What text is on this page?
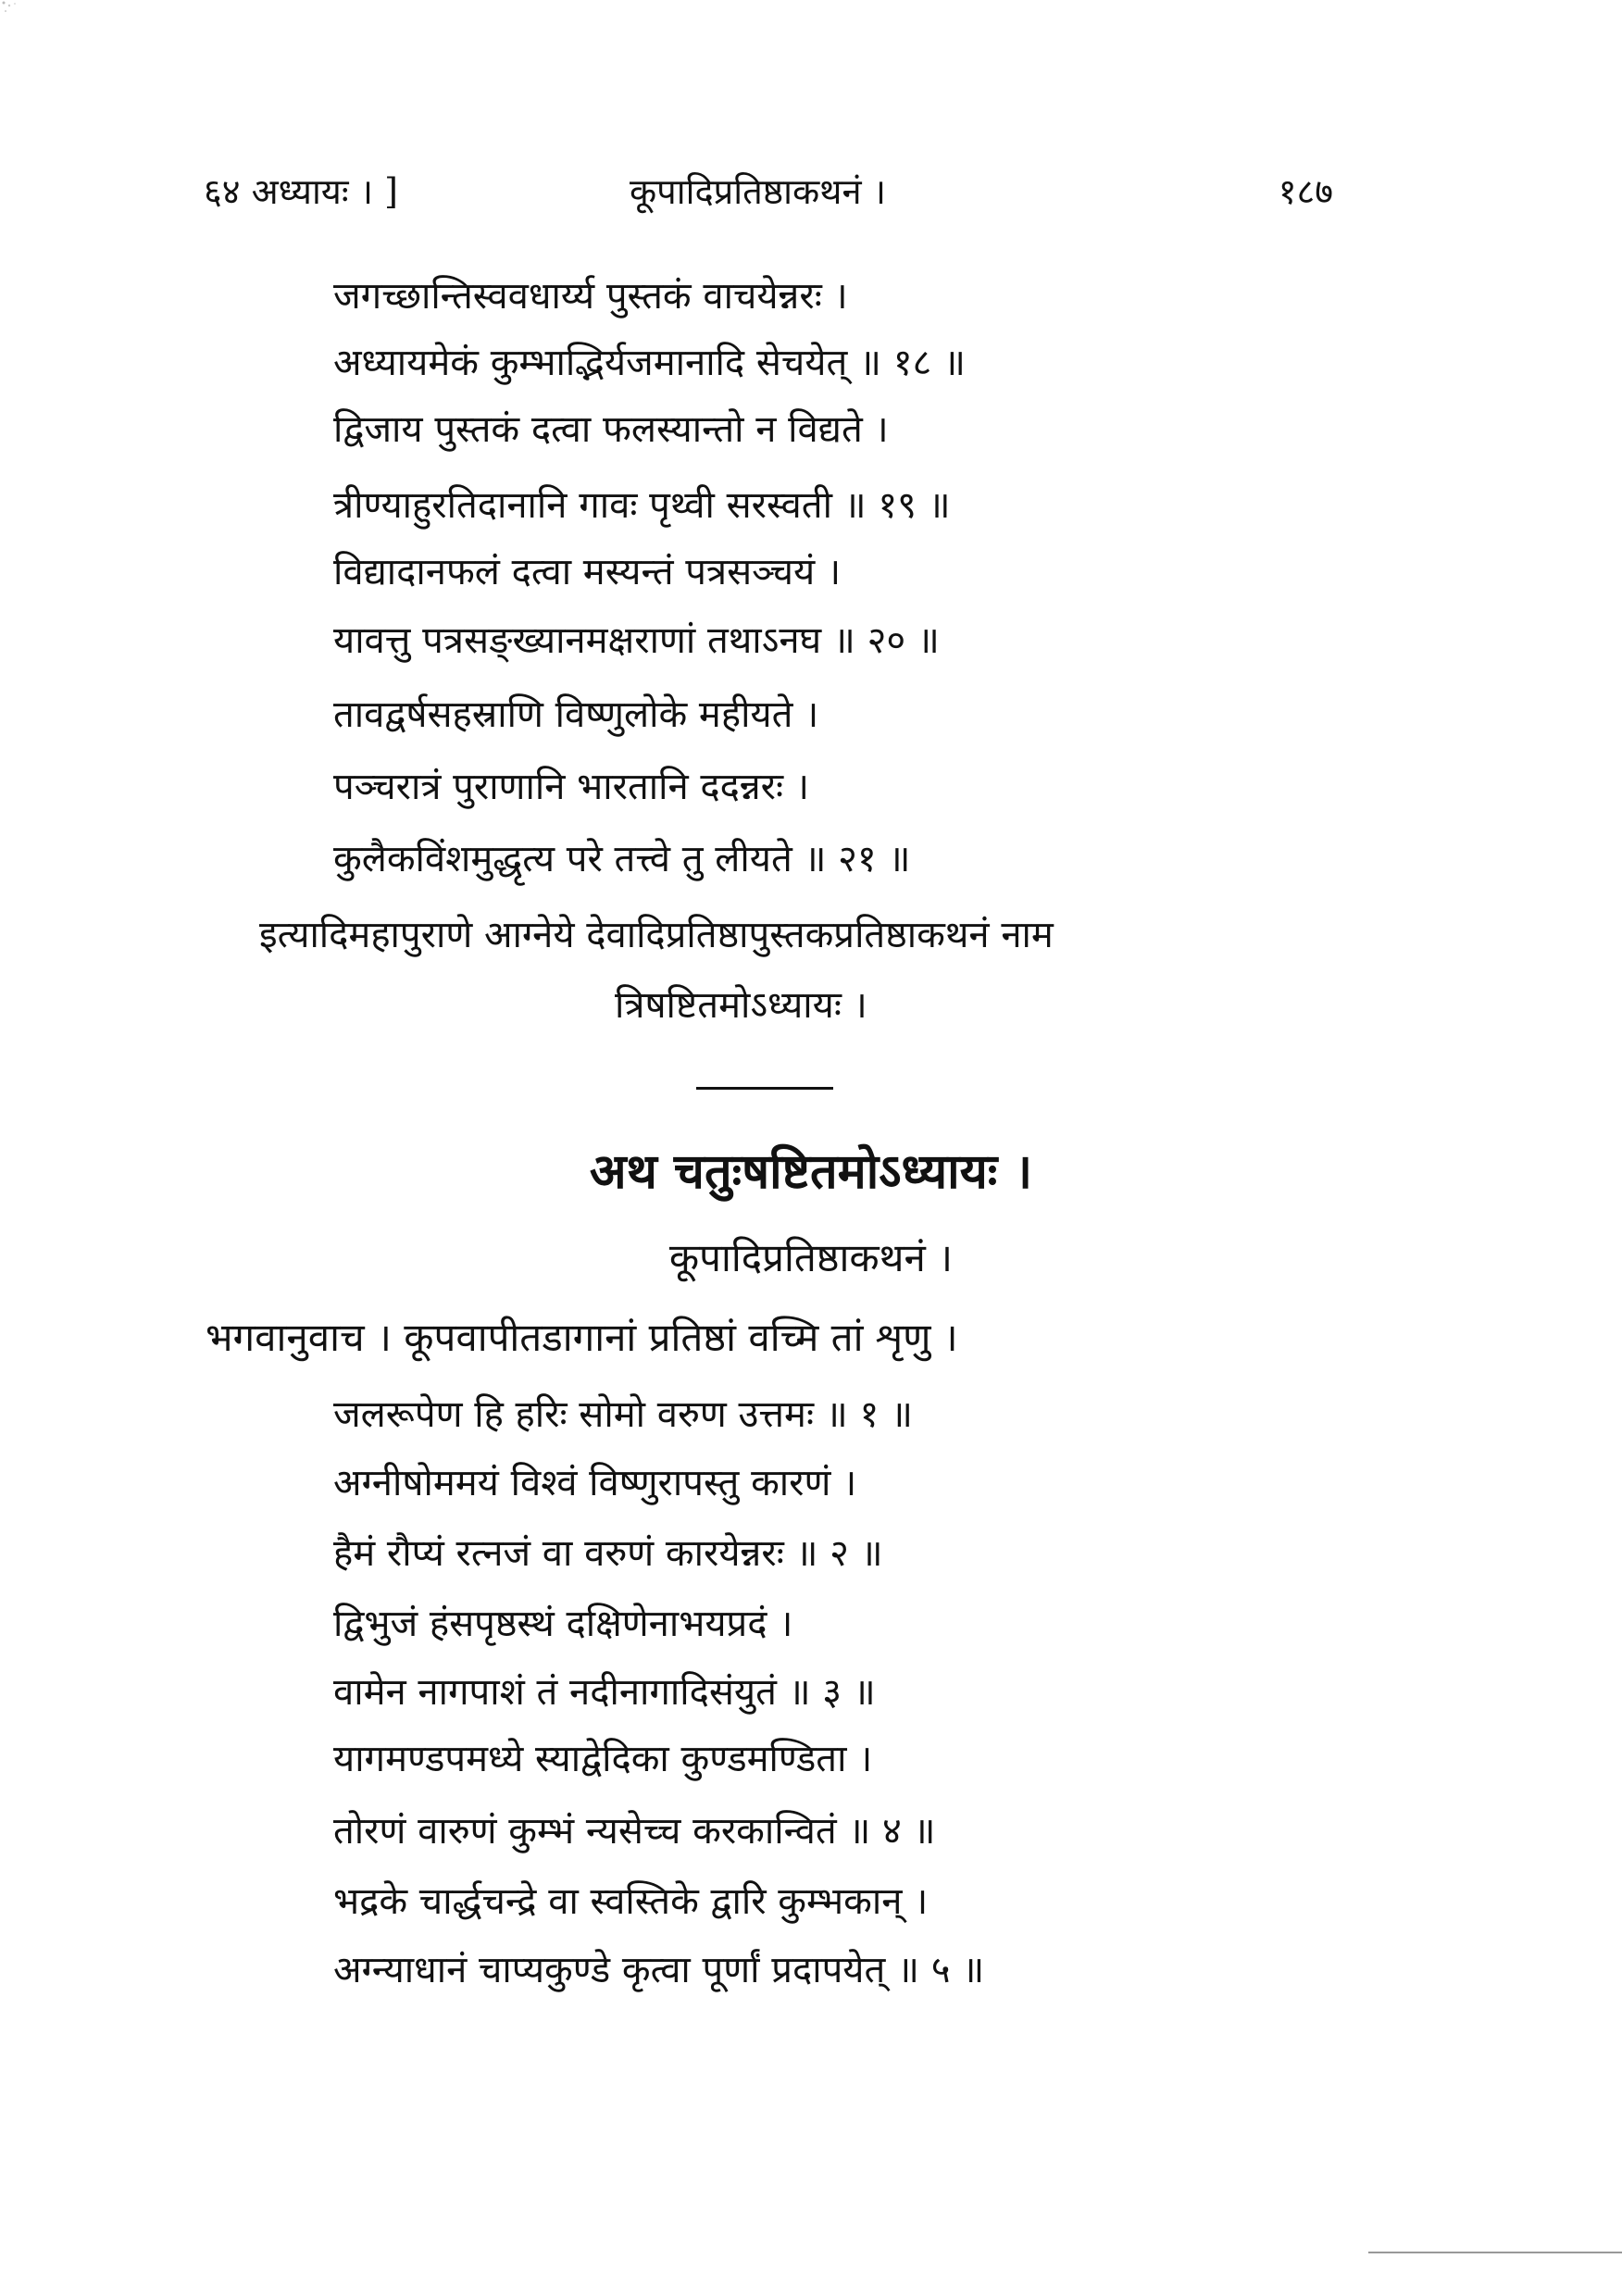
६४ अध्यायः । ]	कूपादिप्रतिष्ठाकथनं ।	१८७
जगच्छान्तिस्ववधार्य्य पुस्तकं वाचयेन्नरः ।
अध्यायमेकं कुम्भाद्भिर्यजमानादि सेचयेत् ॥ १८ ॥
द्विजाय पुस्तकं दत्वा फलस्यान्तो न विद्यते ।
त्रीण्याहुरतिदानानि गावः पृथ्वी सरस्वती ॥ १९ ॥
विद्यादानफलं दत्वा मस्यन्तं पत्रसञ्चयं ।
यावत्तु पत्रसङ्ख्यानमक्षराणां तथाऽनघ ॥ २० ॥
तावद्वर्षसहस्राणि विष्णुलोके महीयते ।
पञ्चरात्रं पुराणानि भारतानि ददन्नरः ।
कुलैकविंशमुद्धृत्य परे तत्त्वे तु लीयते ॥ २१ ॥
इत्यादिमहापुराणे आग्नेये देवादिप्रतिष्ठापुस्तकप्रतिष्ठाकथनं नाम
त्रिषष्टितमोऽध्यायः ।
अथ चतुःषष्टितमोऽध्यायः ।
कूपादिप्रतिष्ठाकथनं ।
भगवानुवाच । कूपवापीतडागानां प्रतिष्ठां वच्मि तां शृणु ।
जलरूपेण हि हरिः सोमो वरुण उत्तमः ॥ १ ॥
अग्नीषोममयं विश्वं विष्णुरापस्तु कारणं ।
हैमं रौप्यं रत्नजं वा वरुणं कारयेन्नरः ॥ २ ॥
द्विभुजं हंसपृष्ठस्थं दक्षिणेनाभयप्रदं ।
वामेन नागपाशं तं नदीनागादिसंयुतं ॥ ३ ॥
यागमण्डपमध्ये स्याद्वेदिका कुण्डमण्डिता ।
तोरणं वारुणं कुम्भं न्यसेच्च करकान्वितं ॥ ४ ॥
भद्रके चार्द्धचन्द्रे वा स्वस्तिके द्वारि कुम्भकान् ।
अग्न्याधानं चाप्यकुण्डे कृत्वा पूर्णां प्रदापयेत् ॥ ५ ॥
